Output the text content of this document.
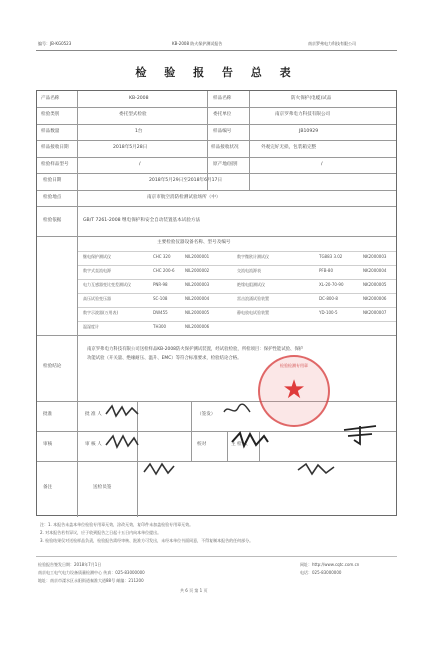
编号：JB-KG0523	KB-2008 防火保护测试报告	南京罗弗电力科技有限公司
检 验 报 告 总 表
产品名称	KB-2008	样品名称	防火保护(电缆)试品
检验类别	委托型式检验	委托单位	南京罗弗电力科技有限公司
样品数量	1台	样品编号	JB10929
样品接收日期	2018年5月28日	样品接收状况	外观完好无损，包装箱完整
检验样品型号	/	原产地/国别	/
检验日期	2018年5月29日至2018年6月17日
检验地点	南京市航空消防检测试验场所（中）
检验依据	GB/T 7261-2008 继电保护和安全自动装置基本试验方法
主要检验仪器设备名称、型号及编号
继电保护测试仪	CHC 320	NIL2000001	数字微欧计测试仪	TG883 3.02	NK2000003
数字式直流电源	CHC 200-6	NIL2000002	交流电流源表	PFB-80	NK2000004
电力互感器变比变差测试仪	PNR-98	NIL2000003	绝缘电阻测试仪	XL-20-70-90	NK2000005
高压试验变压器	SC-108	NIL2000004	雷击浪涌试验装置	DC-800-8	NK2000006
数字示波器(万用表)	DW455	NIL2000005	静电放电试验装置	YD-100-5	NK2000007
温湿度计	TH300	NIL2000006
检验结论
南京罗弗电力科技有限公司送检样品KB-2008防火保护测试装置，经试验检验，所检项目：保护性能试验、保护功能试验（开关量、绝缘耐压、温升、EMC）等符合标准要求，检验结论合格。
批准	批 准 人	（签发）
审核	审 核 人	校对	主 检 人
备注	送检员签
检验检测专用章
★
注：1. 本报告未盖本单位检验专用章无效，涂改无效，复印件未加盖检验专用章无效。
2. 对本报告若有异议，应于收到报告之日起十五日内向本单位提出。
3. 检验结果仅对送检样品负责，检验报告需经审核、批准方可发出，未经本单位书面同意，不得复制本报告的任何部分。
检验报告签发日期：2018年7月1日	网址：http://www.cqtc.com.cn
南京电工电气电力设备质量检测中心 传真：025-83000000	电话：025-83000000
地址：南京市溧水区永阳街道秦淮大道88号 邮编：211200
共 6 页 第 1 页
